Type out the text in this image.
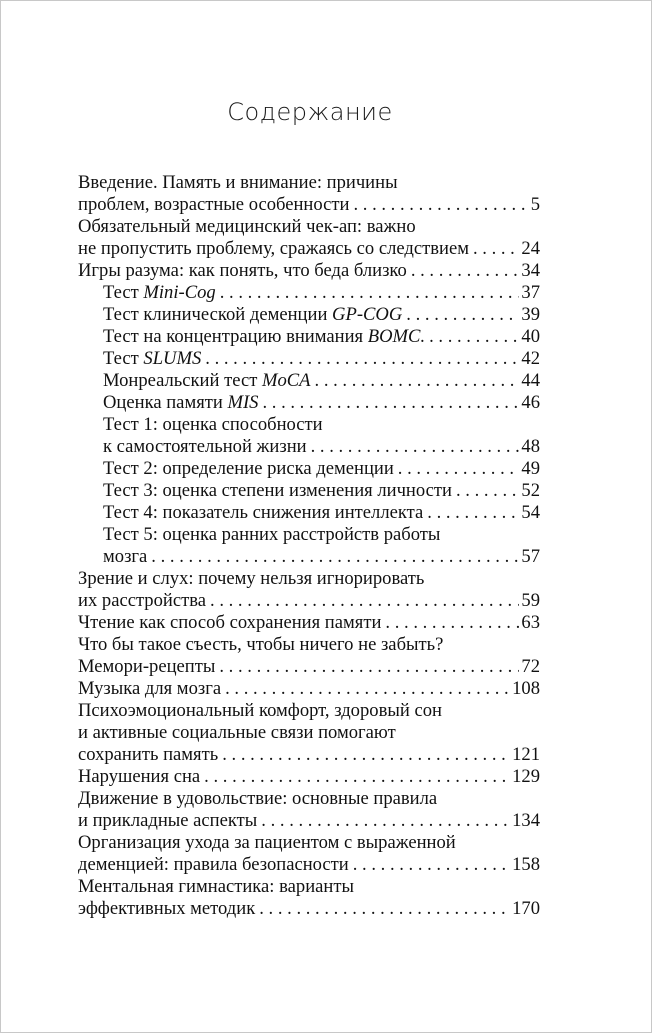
Содержание
Введение. Память и внимание: причины
проблем, возрастные особенности . . .	5
Обязательный медицинский чек-ап: важно
не пропустить проблему, сражаясь со следствием . . .	24
Игры разума: как понять, что беда близко . . .	34
Тест Mini-Cog . . .	37
Тест клинической деменции GP-COG . . .	39
Тест на концентрацию внимания BOMC. . . .	40
Тест SLUMS . . .	42
Монреальский тест MoCA . . .	44
Оценка памяти MIS . . .	46
Тест 1: оценка способности
к самостоятельной жизни . . .	48
Тест 2: определение риска деменции . . .	49
Тест 3: оценка степени изменения личности . . .	52
Тест 4: показатель снижения интеллекта . . .	54
Тест 5: оценка ранних расстройств работы
мозга . . .	57
Зрение и слух: почему нельзя игнорировать
их расстройства . . .	59
Чтение как способ сохранения памяти . . .	63
Что бы такое съесть, чтобы ничего не забыть?
Мемори-рецепты . . .	72
Музыка для мозга . . .	108
Психоэмоциональный комфорт, здоровый сон
и активные социальные связи помогают
сохранить память . . .	121
Нарушения сна . . .	129
Движение в удовольствие: основные правила
и прикладные аспекты . . .	134
Организация ухода за пациентом с выраженной
деменцией: правила безопасности . . .	158
Ментальная гимнастика: варианты
эффективных методик . . .	170
